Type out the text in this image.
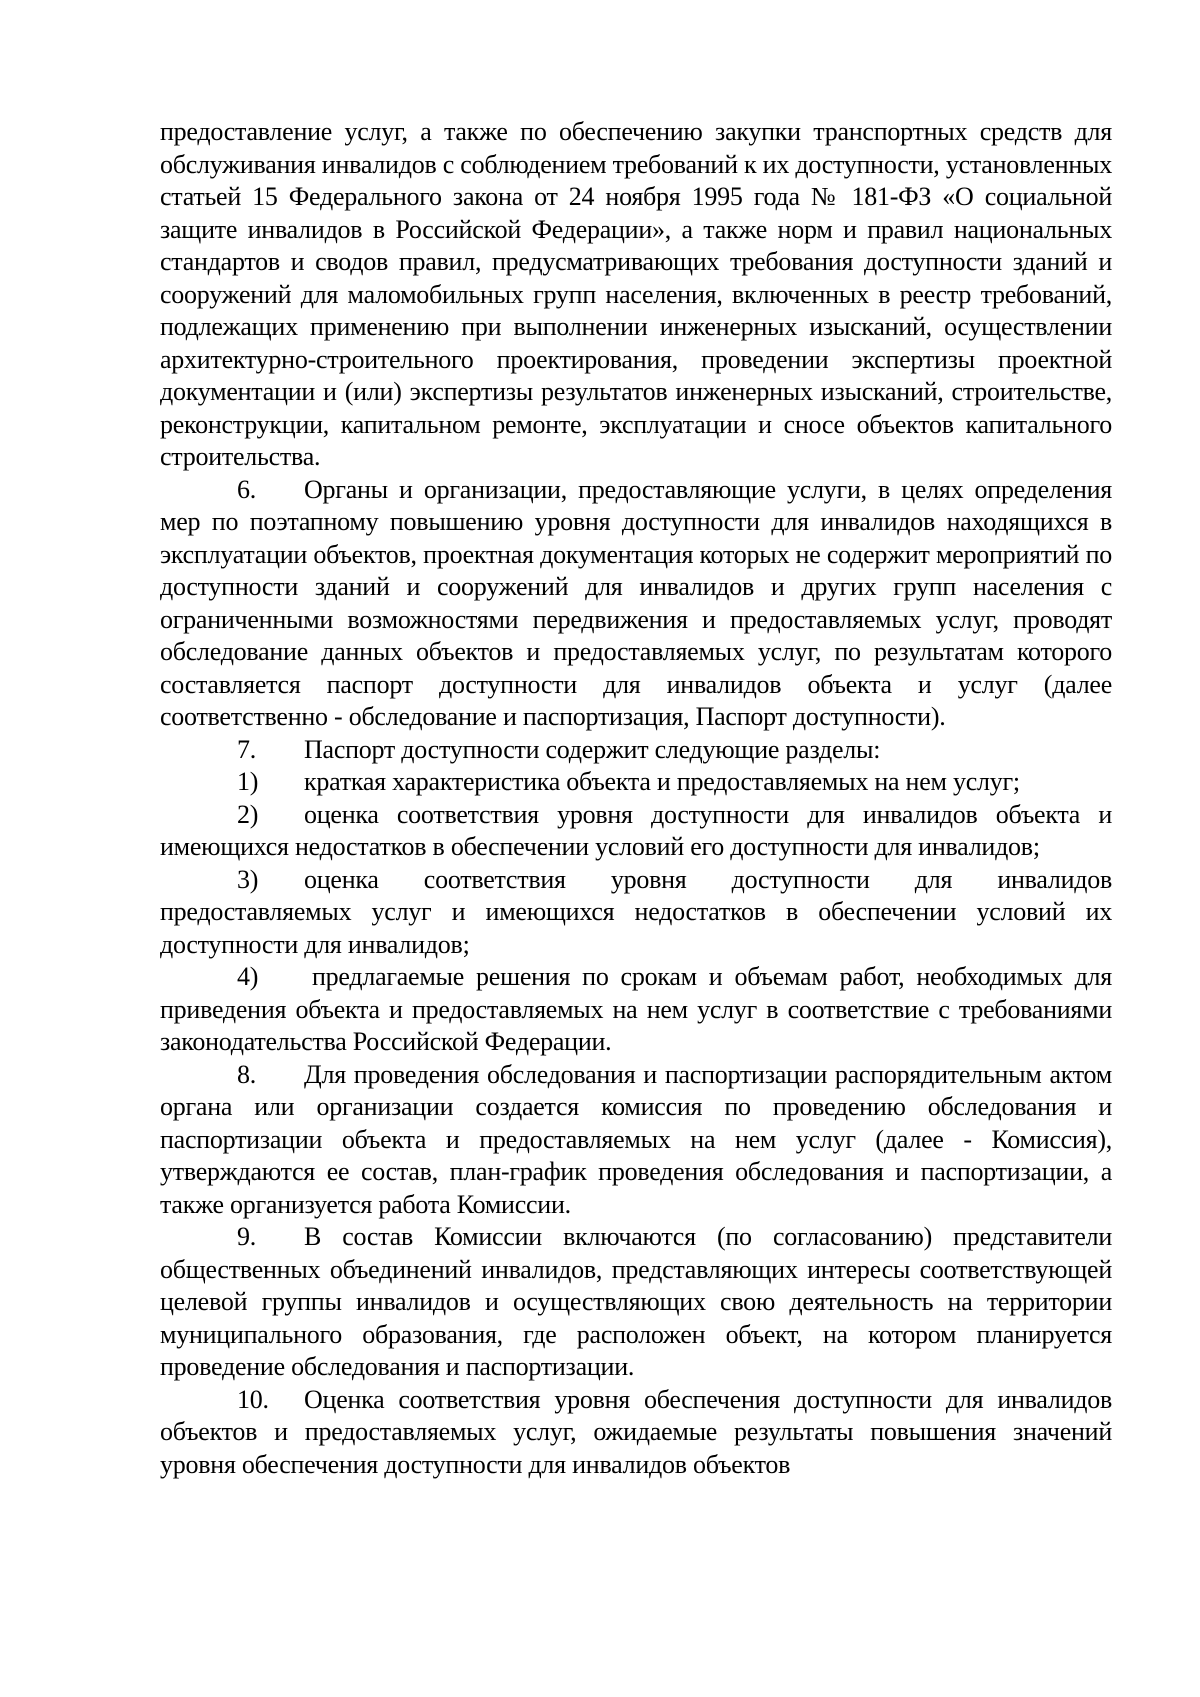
предоставление услуг, а также по обеспечению закупки транспортных средств для обслуживания инвалидов с соблюдением требований к их доступности, установленных статьей 15 Федерального закона от 24 ноября 1995 года № 181-ФЗ «О социальной защите инвалидов в Российской Федерации», а также норм и правил национальных стандартов и сводов правил, предусматривающих требования доступности зданий и сооружений для маломобильных групп населения, включенных в реестр требований, подлежащих применению при выполнении инженерных изысканий, осуществлении архитектурно-строительного проектирования, проведении экспертизы проектной документации и (или) экспертизы результатов инженерных изысканий, строительстве, реконструкции, капитальном ремонте, эксплуатации и сносе объектов капитального строительства.

6. Органы и организации, предоставляющие услуги, в целях определения мер по поэтапному повышению уровня доступности для инвалидов находящихся в эксплуатации объектов, проектная документация которых не содержит мероприятий по доступности зданий и сооружений для инвалидов и других групп населения с ограниченными возможностями передвижения и предоставляемых услуг, проводят обследование данных объектов и предоставляемых услуг, по результатам которого составляется паспорт доступности для инвалидов объекта и услуг (далее соответственно - обследование и паспортизация, Паспорт доступности).

7. Паспорт доступности содержит следующие разделы:

1) краткая характеристика объекта и предоставляемых на нем услуг;

2) оценка соответствия уровня доступности для инвалидов объекта и имеющихся недостатков в обеспечении условий его доступности для инвалидов;

3) оценка соответствия уровня доступности для инвалидов предоставляемых услуг и имеющихся недостатков в обеспечении условий их доступности для инвалидов;

4) предлагаемые решения по срокам и объемам работ, необходимых для приведения объекта и предоставляемых на нем услуг в соответствие с требованиями законодательства Российской Федерации.

8. Для проведения обследования и паспортизации распорядительным актом органа или организации создается комиссия по проведению обследования и паспортизации объекта и предоставляемых на нем услуг (далее - Комиссия), утверждаются ее состав, план-график проведения обследования и паспортизации, а также организуется работа Комиссии.

9. В состав Комиссии включаются (по согласованию) представители общественных объединений инвалидов, представляющих интересы соответствующей целевой группы инвалидов и осуществляющих свою деятельность на территории муниципального образования, где расположен объект, на котором планируется проведение обследования и паспортизации.

10. Оценка соответствия уровня обеспечения доступности для инвалидов объектов и предоставляемых услуг, ожидаемые результаты повышения значений уровня обеспечения доступности для инвалидов объектов
